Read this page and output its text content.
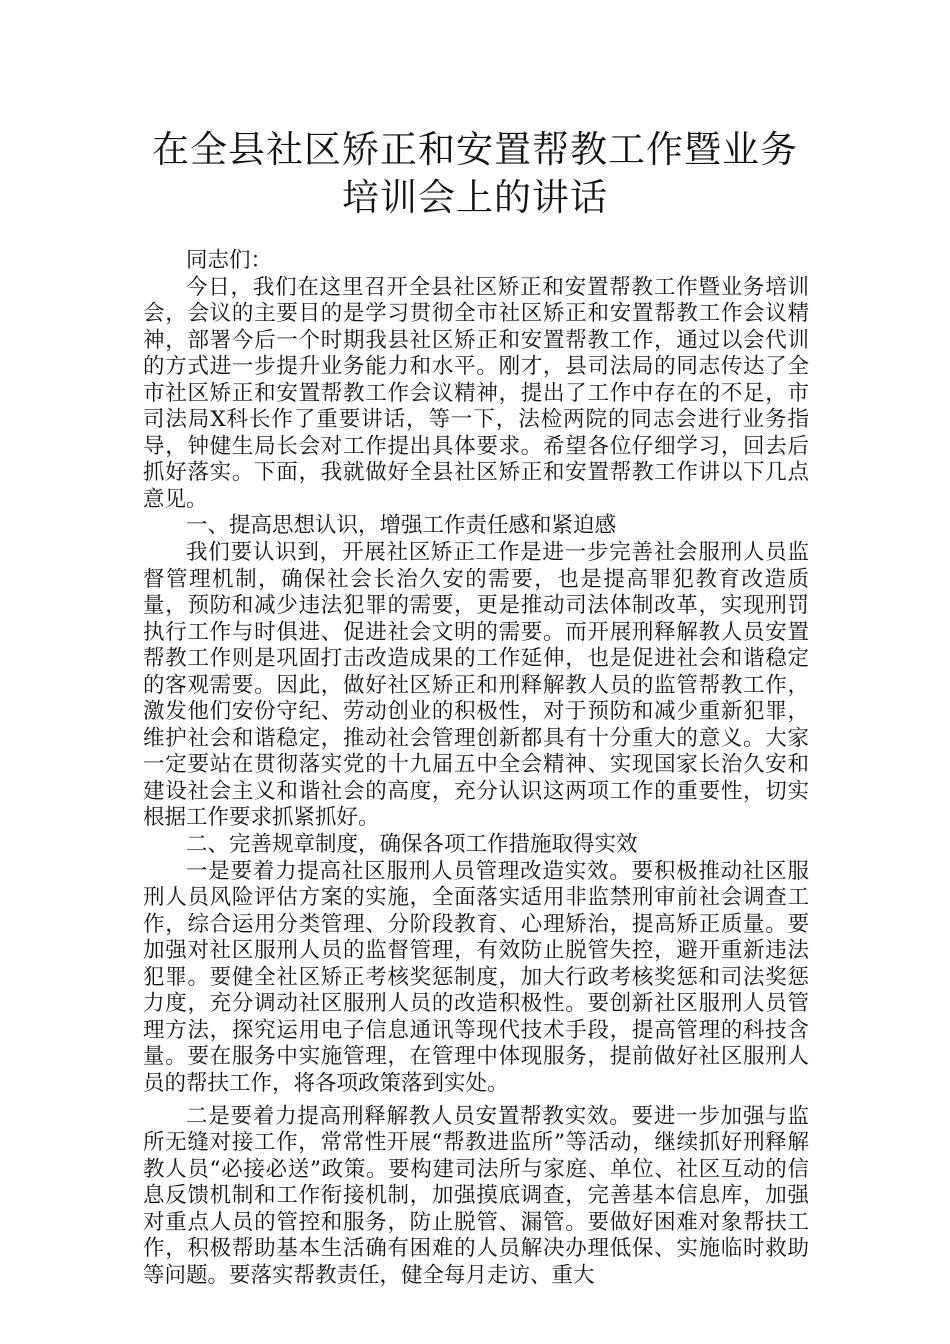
在全县社区矫正和安置帮教工作暨业务培训会上的讲话

同志们：

今日，我们在这里召开全县社区矫正和安置帮教工作暨业务培训会，会议的主要目的是学习贯彻全市社区矫正和安置帮教工作会议精神，部署今后一个时期我县社区矫正和安置帮教工作，通过以会代训的方式进一步提升业务能力和水平。刚才，县司法局的同志传达了全市社区矫正和安置帮教工作会议精神，提出了工作中存在的不足，市司法局X科长作了重要讲话，等一下，法检两院的同志会进行业务指导，钟健生局长会对工作提出具体要求。希望各位仔细学习，回去后抓好落实。下面，我就做好全县社区矫正和安置帮教工作讲以下几点意见。

一、提高思想认识，增强工作责任感和紧迫感

我们要认识到，开展社区矫正工作是进一步完善社会服刑人员监督管理机制，确保社会长治久安的需要，也是提高罪犯教育改造质量，预防和减少违法犯罪的需要，更是推动司法体制改革，实现刑罚执行工作与时俱进、促进社会文明的需要。而开展刑释解教人员安置帮教工作则是巩固打击改造成果的工作延伸，也是促进社会和谐稳定的客观需要。因此，做好社区矫正和刑释解教人员的监管帮教工作，激发他们安份守纪、劳动创业的积极性，对于预防和减少重新犯罪，维护社会和谐稳定，推动社会管理创新都具有十分重大的意义。大家一定要站在贯彻落实党的十九届五中全会精神、实现国家长治久安和建设社会主义和谐社会的高度，充分认识这两项工作的重要性，切实根据工作要求抓紧抓好。

二、完善规章制度，确保各项工作措施取得实效

一是要着力提高社区服刑人员管理改造实效。要积极推动社区服刑人员风险评估方案的实施，全面落实适用非监禁刑审前社会调查工作，综合运用分类管理、分阶段教育、心理矫治，提高矫正质量。要加强对社区服刑人员的监督管理，有效防止脱管失控，避开重新违法犯罪。要健全社区矫正考核奖惩制度，加大行政考核奖惩和司法奖惩力度，充分调动社区服刑人员的改造积极性。要创新社区服刑人员管理方法，探究运用电子信息通讯等现代技术手段，提高管理的科技含量。要在服务中实施管理，在管理中体现服务，提前做好社区服刑人员的帮扶工作，将各项政策落到实处。

二是要着力提高刑释解教人员安置帮教实效。要进一步加强与监所无缝对接工作，常常性开展“帮教进监所”等活动，继续抓好刑释解教人员“必接必送”政策。要构建司法所与家庭、单位、社区互动的信息反馈机制和工作衔接机制，加强摸底调查，完善基本信息库，加强对重点人员的管控和服务，防止脱管、漏管。要做好困难对象帮扶工作，积极帮助基本生活确有困难的人员解决办理低保、实施临时救助等问题。要落实帮教责任，健全每月走访、重大
